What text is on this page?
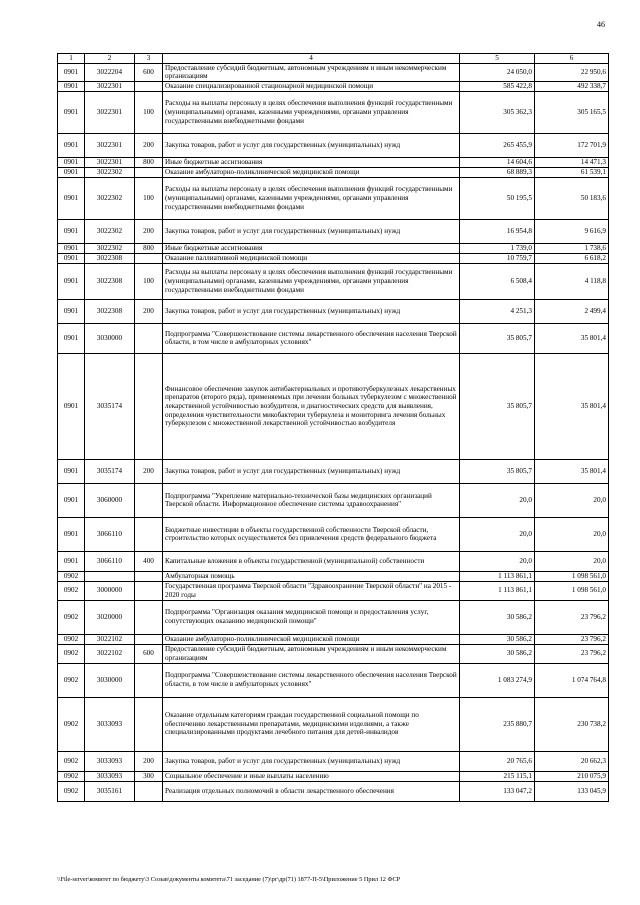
46
1	2	3	4	5	6
0901	3022204	600	Предоставление субсидий бюджетным, автономным учреждениям и иным некоммерческим организациям	24 050,0	22 950,6
0901	3022301		Оказание специализированной стационарной медицинской помощи	585 422,8	492 338,7
0901	3022301	100	Расходы на выплаты персоналу в целях обеспечения выполнения функций государственными (муниципальными) органами, казенными учреждениями, органами управления государственными внебюджетными фондами	305 362,3	305 165,5
0901	3022301	200	Закупка товаров, работ и услуг для государственных (муниципальных) нужд	265 455,9	172 701,9
0901	3022301	800	Иные бюджетные ассигнования	14 604,6	14 471,3
0901	3022302		Оказание амбулаторно-поликлинической медицинской помощи	68 889,3	61 539,1
0901	3022302	100	Расходы на выплаты персоналу в целях обеспечения выполнения функций государственными (муниципальными) органами, казенными учреждениями, органами управления государственными внебюджетными фондами	50 195,5	50 183,6
0901	3022302	200	Закупка товаров, работ и услуг для государственных (муниципальных) нужд	16 954,8	9 616,9
0901	3022302	800	Иные бюджетные ассигнования	1 739,0	1 738,6
0901	3022308		Оказание паллиативной медицинской помощи	10 759,7	6 618,2
0901	3022308	100	Расходы на выплаты персоналу в целях обеспечения выполнения функций государственными (муниципальными) органами, казенными учреждениями, органами управления государственными внебюджетными фондами	6 508,4	4 118,8
0901	3022308	200	Закупка товаров, работ и услуг для государственных (муниципальных) нужд	4 251,3	2 499,4
0901	3030000		Подпрограмма "Совершенствование системы лекарственного обеспечения населения Тверской области, в том числе в амбулаторных условиях"	35 805,7	35 801,4
0901	3035174		Финансовое обеспечение закупок антибактериальных и противотуберкулезных лекарственных препаратов (второго ряда), применяемых при лечении больных туберкулезом с множественной лекарственной устойчивостью возбудителя, и диагностических средств для выявления, определения чувствительности микобактерии туберкулеза и мониторинга лечения больных туберкулезом с множественной лекарственной устойчивостью возбудителя	35 805,7	35 801,4
0901	3035174	200	Закупка товаров, работ и услуг для государственных (муниципальных) нужд	35 805,7	35 801,4
0901	3060000		Подпрограмма "Укрепление материально-технической базы медицинских организаций Тверской области. Информационное обеспечение системы здравоохранения"	20,0	20,0
0901	3066110		Бюджетные инвестиции в объекты государственной собственности Тверской области, строительство которых осуществляется без привлечения средств федерального бюджета	20,0	20,0
0901	3066110	400	Капитальные вложения в объекты государственной (муниципальной) собственности	20,0	20,0
0902			Амбулаторная помощь	1 113 861,1	1 098 561,0
0902	3000000		Государственная программа Тверской области "Здравоохранение Тверской области" на 2015 - 2020 годы	1 113 861,1	1 098 561,0
0902	3020000		Подпрограмма "Организация оказания медицинской помощи и предоставления услуг, сопутствующих оказанию медицинской помощи"	30 586,2	23 796,2
0902	3022102		Оказание амбулаторно-поликлинической медицинской помощи	30 586,2	23 796,2
0902	3022102	600	Предоставление субсидий бюджетным, автономным учреждениям и иным некоммерческим организациям	30 586,2	23 796,2
0902	3030000		Подпрограмма "Совершенствование системы лекарственного обеспечения населения Тверской области, в том числе в амбулаторных условиях"	1 083 274,9	1 074 764,8
0902	3033093		Оказание отдельным категориям граждан государственной социальной помощи по обеспечению лекарственными препаратами, медицинскими изделиями, а также специализированными продуктами лечебного питания для детей-инвалидов	235 880,7	230 738,2
0902	3033093	200	Закупка товаров, работ и услуг для государственных (муниципальных) нужд	20 765,6	20 662,3
0902	3033093	300	Социальное обеспечение и иные выплаты населению	215 115,1	210 075,9
0902	3035161		Реализация отдельных полномочий в области лекарственного обеспечения	133 047,2	133 045,9
\\File-server\комитет по бюджету\3 Созыв\документы комитета\71 заседание (7)\рг\др(71) 1877-П-5\Приложение 5 Прил 12 ФСР
